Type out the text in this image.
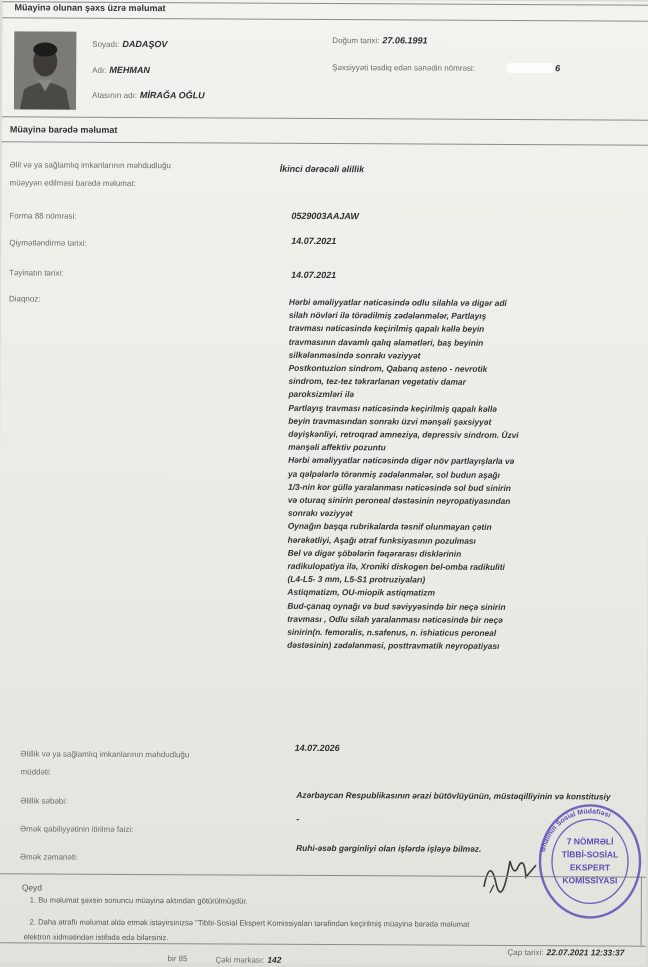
Müayinə olunan şəxs üzrə məlumat
Soyadı: DADAŞOV
Adı: MEHMAN
Atasının adı: MİRAĞA OĞLU
Doğum tarixi: 27.06.1991
Şəxsiyyəti təsdiq edən sənədin nömrəsi:	6
Müayinə barədə məlumat
Əlil və ya sağlamlıq imkanlarının məhdudluğu
müəyyən edilməsi barədə məlumat:
İkinci dərəcəli əlillik
Forma 88 nömrəsi:	0529003AAJAW
Qiymətləndirmə tarixi:	14.07.2021
Təyinatın tarixi:	14.07.2021
Diaqnoz:	Hərbi əməliyyatlar nəticəsində odlu silahla və digər adi
silah növləri ilə törədilmiş zədələnmələr, Partlayış
travması nəticəsində keçirilmiş qapalı kəllə beyin
travmasının davamlı qalıq əlamətləri, baş beyinin
silkələnməsində sonrakı vəziyyət
Postkontuzion sindrom, Qabarıq asteno - nevrotik
sindrom, tez-tez təkrarlanan vegetativ damar
paroksizmləri ilə
Partlayış travması nəticəsində keçirilmiş qapalı kəllə
beyin travmasından sonrakı üzvi mənşəli şəxsiyyət
dəyişkənliyi, retroqrad amneziya, depressiv sindrom. Üzvi
mənşəli affektiv pozuntu
Hərbi əməliyyatlar nəticəsində digər növ partlayışlarla və
ya qəlpələrlə törənmiş zədələnmələr, sol budun aşağı
1/3-nin kor güllə yaralanması nəticəsində sol bud sinirin
və oturaq sinirin peroneal dəstəsinin neyropatiyasından
sonrakı vəziyyət
Oynağın başqa rubrikalarda təsnif olunmayan çətin
hərəkətliyi, Aşağı ətraf funksiyasının pozulması
Bel və digər şöbələrin fəqərarası disklərinin
radikulopatiya ilə, Xroniki diskogen bel-omba radikuliti
(L4-L5- 3 mm, L5-S1 protruziyaları)
Astiqmatizm, OU-miopik astiqmatizm
Bud-çanaq oynağı və bud səviyyəsində bir neçə sinirin
travması , Odlu silah yaralanması nəticəsində bir neçə
sinirin(n. femoralis, n.safenus, n. ishiaticus peroneal
dəstəsinin) zədələnməsi, posttravmatik neyropatiyası
Əlillik və ya sağlamlıq imkanlarının məhdudluğu
müddəti:
14.07.2026
Əlillik səbəbi:	Azərbaycan Respublikasının ərazi bütövlüyünün, müstəqilliyinin və konstitusiy
Əmək qabiliyyətinin itirilmə faizi:
-
Əmək zəmanəti:
Ruhi-əsəb gərginliyi olan işlərdə işləyə bilməz.
Qeyd
1. Bu məlumat şəxsin sonuncu müayinə aktından götürülmüşdür.
2. Daha ətraflı məlumat əldə etmək istəyirsinizsə "Tibbi-Sosial Ekspert Komissiyaları tərəfindən keçirilmiş müayinə barədə məlumat
elektron xidmətindən istifadə edə bilərsiniz.
Çap tarixi: 22.07.2021 12:33:37
bir 85	Çəki markası: 142
Əhalinin Sosial Müdafiəsi
7 NÖMRƏLİ
TİBBİ-SOSİAL
EKSPERT
KOMİSSİYASI
